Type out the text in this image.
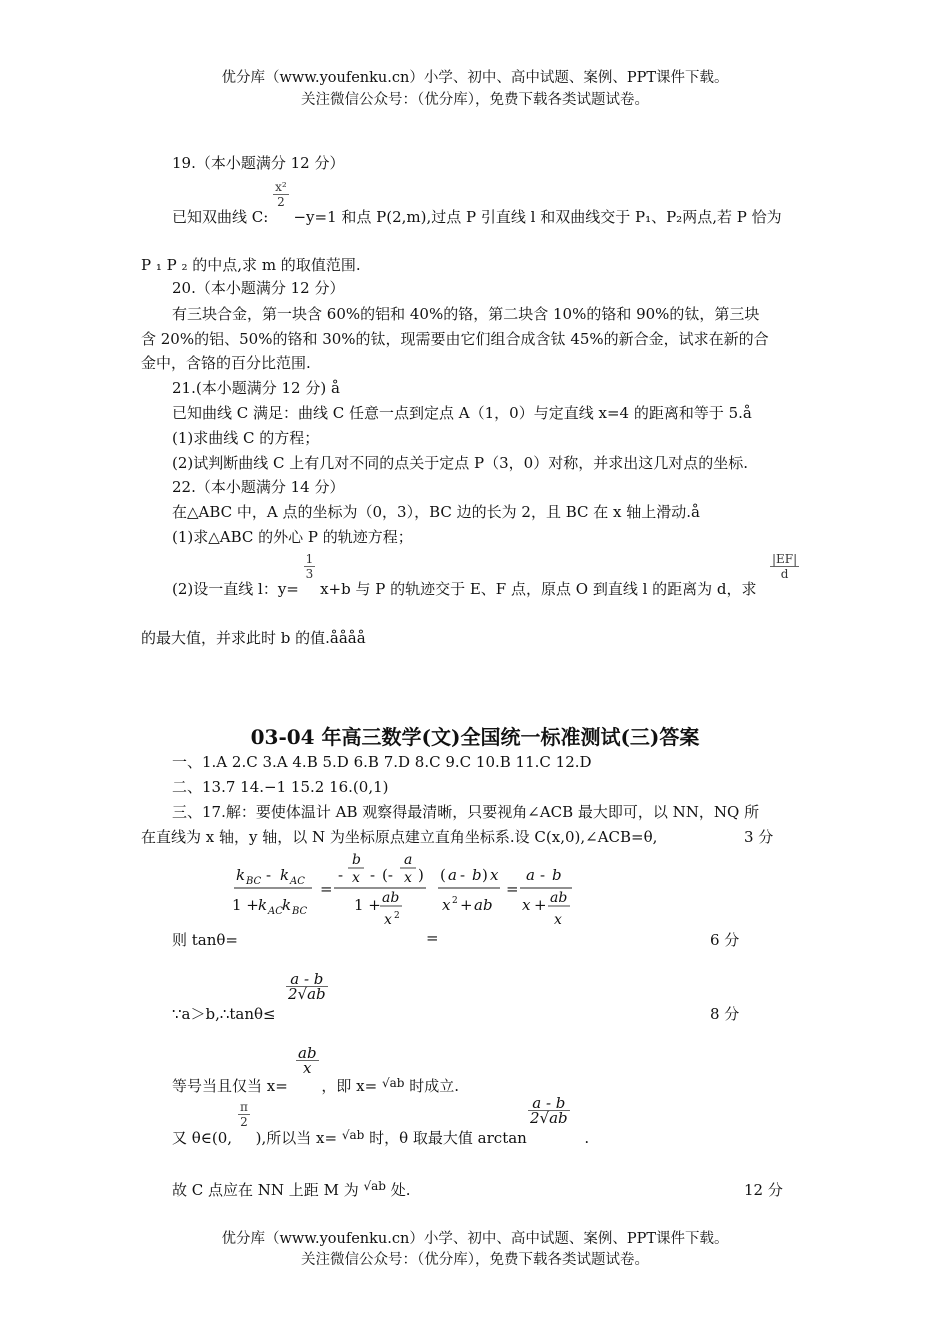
优分库（www.youfenku.cn）小学、初中、高中试题、案例、PPT课件下载。
关注微信公众号：（优分库），免费下载各类试题试卷。
19.（本小题满分 12 分）
已知双曲线 C:
$\frac{\text{x²}}{2}$
−y=1 和点 P(2,m),过点 P 引直线 l 和双曲线交于 P₁、P₂两点,若 P 恰为
P ₁ P ₂ 的中点,求 m 的取值范围.
20.（本小题满分 12 分）
有三块合金，第一块含 60%的铝和 40%的铬，第二块含 10%的铬和 90%的钛，第三块
含 20%的铝、50%的铬和 30%的钛，现需要由它们组合成含钛 45%的新合金，试求在新的合
金中，含铬的百分比范围.
21.(本小题满分 12 分) å
已知曲线 C 满足：曲线 C 任意一点到定点 A（1，0）与定直线 x=4 的距离和等于 5.å
(1)求曲线 C 的方程；
(2)试判断曲线 C 上有几对不同的点关于定点 P（3，0）对称，并求出这几对点的坐标.
22.（本小题满分 14 分）
在△ABC 中，A 点的坐标为（0，3），BC 边的长为 2，且 BC 在 x 轴上滑动.å
(1)求△ABC 的外心 P 的轨迹方程；
(2)设一直线 l：y=
$\frac{1}{3}$
x+b 与 P 的轨迹交于 E、F 点，原点 O 到直线 l 的距离为 d，求
$\frac{|EF|}{d}$
的最大值，并求此时 b 的值.åååå
03-04 年高三数学(文)全国统一标准测试(三)答案
一、1.A 2.C 3.A 4.B 5.D 6.B 7.D 8.C 9.C 10.B 11.C 12.D
二、13.7 14.−1 15.2 16.(0,1)
三、17.解：要使体温计 AB 观察得最清晰，只要视角∠ACB 最大即可，以 NN，NQ 所
在直线为 x 轴，y 轴，以 N 为坐标原点建立直角坐标系.设 C(x,0),∠ACB=θ,	3 分
k BC - k AC
1 + k AC k BC
=
-
b
x - (-
a
x )
1 + ab
x 2
( a - b ) x
x 2 + ab
=
a - b
x + ab
x
则 tanθ=	=	6 分
$\frac{a - b}{2√ab}$
∵a＞b,∴tanθ≤	8 分
$\frac{ab}{x}$
等号当且仅当 x= ，即 x= $^{√ab}$ 时成立.
$\frac{\pi}{2}$	$\frac{a - b}{2√ab}$
又 θ∈(0, ),所以当 x= $^{√ab}$ 时，θ 取最大值 arctan	.
故 C 点应在 NN 上距 M 为 $^{√ab}$ 处.	12 分
优分库（www.youfenku.cn）小学、初中、高中试题、案例、PPT课件下载。
关注微信公众号：（优分库），免费下载各类试题试卷。
